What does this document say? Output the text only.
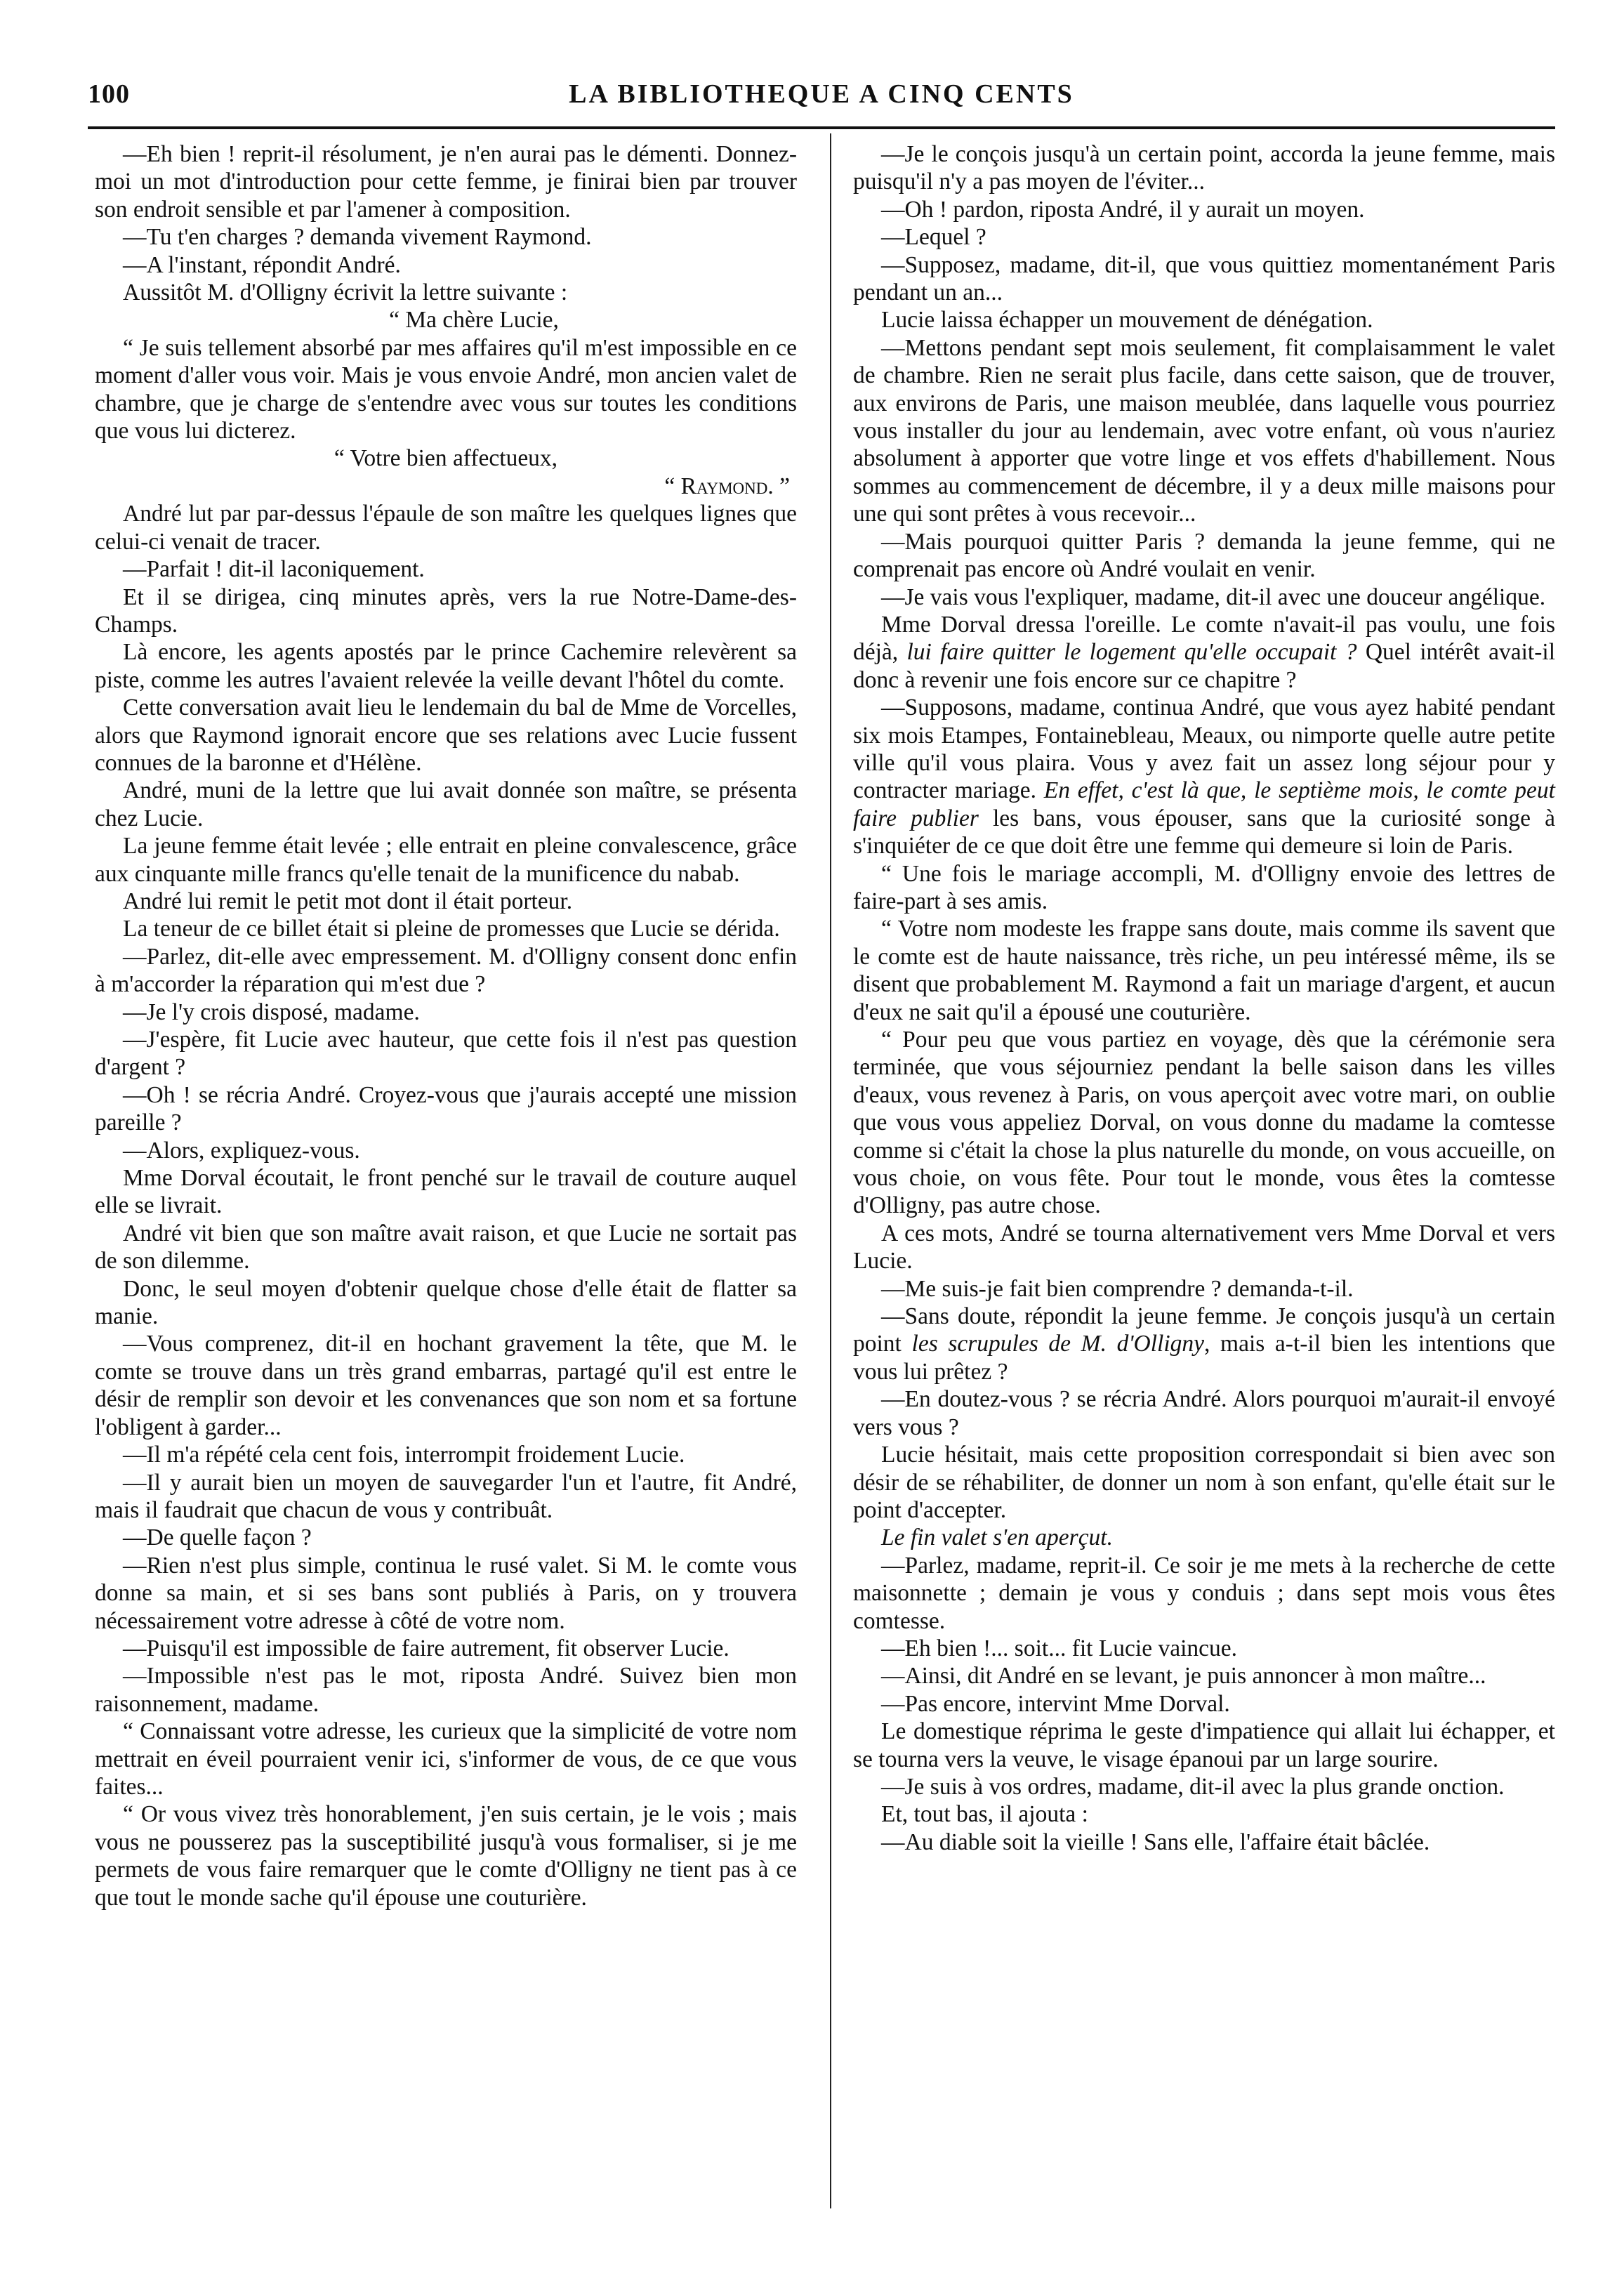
100	LA BIBLIOTHEQUE A CINQ CENTS

—Eh bien ! reprit-il résolument, je n'en aurai pas le démenti. Donnez-moi un mot d'introduction pour cette femme, je finirai bien par trouver son endroit sensible et par l'amener à composition.

—Tu t'en charges ? demanda vivement Raymond.

—A l'instant, répondit André.

Aussitôt M. d'Olligny écrivit la lettre suivante :

“ Ma chère Lucie,

“ Je suis tellement absorbé par mes affaires qu'il m'est impossible en ce moment d'aller vous voir. Mais je vous envoie André, mon ancien valet de chambre, que je charge de s'entendre avec vous sur toutes les conditions que vous lui dicterez.

“ Votre bien affectueux,

“ Raymond. ”

André lut par par-dessus l'épaule de son maître les quelques lignes que celui-ci venait de tracer.

—Parfait ! dit-il laconiquement.

Et il se dirigea, cinq minutes après, vers la rue Notre-Dame-des-Champs.

Là encore, les agents apostés par le prince Cachemire relevèrent sa piste, comme les autres l'avaient relevée la veille devant l'hôtel du comte.

Cette conversation avait lieu le lendemain du bal de Mme de Vorcelles, alors que Raymond ignorait encore que ses relations avec Lucie fussent connues de la baronne et d'Hélène.

André, muni de la lettre que lui avait donnée son maître, se présenta chez Lucie.

La jeune femme était levée ; elle entrait en pleine convalescence, grâce aux cinquante mille francs qu'elle tenait de la munificence du nabab.

André lui remit le petit mot dont il était porteur.

La teneur de ce billet était si pleine de promesses que Lucie se dérida.

—Parlez, dit-elle avec empressement. M. d'Olligny consent donc enfin à m'accorder la réparation qui m'est due ?

—Je l'y crois disposé, madame.

—J'espère, fit Lucie avec hauteur, que cette fois il n'est pas question d'argent ?

—Oh ! se récria André. Croyez-vous que j'aurais accepté une mission pareille ?

—Alors, expliquez-vous.

Mme Dorval écoutait, le front penché sur le travail de couture auquel elle se livrait.

André vit bien que son maître avait raison, et que Lucie ne sortait pas de son dilemme.

Donc, le seul moyen d'obtenir quelque chose d'elle était de flatter sa manie.

—Vous comprenez, dit-il en hochant gravement la tête, que M. le comte se trouve dans un très grand embarras, partagé qu'il est entre le désir de remplir son devoir et les convenances que son nom et sa fortune l'obligent à garder...

—Il m'a répété cela cent fois, interrompit froidement Lucie.

—Il y aurait bien un moyen de sauvegarder l'un et l'autre, fit André, mais il faudrait que chacun de vous y contribuât.

—De quelle façon ?

—Rien n'est plus simple, continua le rusé valet. Si M. le comte vous donne sa main, et si ses bans sont publiés à Paris, on y trouvera nécessairement votre adresse à côté de votre nom.

—Puisqu'il est impossible de faire autrement, fit observer Lucie.

—Impossible n'est pas le mot, riposta André. Suivez bien mon raisonnement, madame.

“ Connaissant votre adresse, les curieux que la simplicité de votre nom mettrait en éveil pourraient venir ici, s'informer de vous, de ce que vous faites...

“ Or vous vivez très honorablement, j'en suis certain, je le vois ; mais vous ne pousserez pas la susceptibilité jusqu'à vous formaliser, si je me permets de vous faire remarquer que le comte d'Olligny ne tient pas à ce que tout le monde sache qu'il épouse une couturière.

—Je le conçois jusqu'à un certain point, accorda la jeune femme, mais puisqu'il n'y a pas moyen de l'éviter...

—Oh ! pardon, riposta André, il y aurait un moyen.

—Lequel ?

—Supposez, madame, dit-il, que vous quittiez momentanément Paris pendant un an...

Lucie laissa échapper un mouvement de dénégation.

—Mettons pendant sept mois seulement, fit complaisamment le valet de chambre. Rien ne serait plus facile, dans cette saison, que de trouver, aux environs de Paris, une maison meublée, dans laquelle vous pourriez vous installer du jour au lendemain, avec votre enfant, où vous n'auriez absolument à apporter que votre linge et vos effets d'habillement. Nous sommes au commencement de décembre, il y a deux mille maisons pour une qui sont prêtes à vous recevoir...

—Mais pourquoi quitter Paris ? demanda la jeune femme, qui ne comprenait pas encore où André voulait en venir.

—Je vais vous l'expliquer, madame, dit-il avec une douceur angélique.

Mme Dorval dressa l'oreille. Le comte n'avait-il pas voulu, une fois déjà, lui faire quitter le logement qu'elle occupait ? Quel intérêt avait-il donc à revenir une fois encore sur ce chapitre ?

—Supposons, madame, continua André, que vous ayez habité pendant six mois Etampes, Fontainebleau, Meaux, ou nimporte quelle autre petite ville qu'il vous plaira. Vous y avez fait un assez long séjour pour y contracter mariage. En effet, c'est là que, le septième mois, le comte peut faire publier les bans, vous épouser, sans que la curiosité songe à s'inquiéter de ce que doit être une femme qui demeure si loin de Paris.

“ Une fois le mariage accompli, M. d'Olligny envoie des lettres de faire-part à ses amis.

“ Votre nom modeste les frappe sans doute, mais comme ils savent que le comte est de haute naissance, très riche, un peu intéressé même, ils se disent que probablement M. Raymond a fait un mariage d'argent, et aucun d'eux ne sait qu'il a épousé une couturière.

“ Pour peu que vous partiez en voyage, dès que la cérémonie sera terminée, que vous séjourniez pendant la belle saison dans les villes d'eaux, vous revenez à Paris, on vous aperçoit avec votre mari, on oublie que vous vous appeliez Dorval, on vous donne du madame la comtesse comme si c'était la chose la plus naturelle du monde, on vous accueille, on vous choie, on vous fête. Pour tout le monde, vous êtes la comtesse d'Olligny, pas autre chose.

A ces mots, André se tourna alternativement vers Mme Dorval et vers Lucie.

—Me suis-je fait bien comprendre ? demanda-t-il.

—Sans doute, répondit la jeune femme. Je conçois jusqu'à un certain point les scrupules de M. d'Olligny, mais a-t-il bien les intentions que vous lui prêtez ?

—En doutez-vous ? se récria André. Alors pourquoi m'aurait-il envoyé vers vous ?

Lucie hésitait, mais cette proposition correspondait si bien avec son désir de se réhabiliter, de donner un nom à son enfant, qu'elle était sur le point d'accepter.

Le fin valet s'en aperçut.

—Parlez, madame, reprit-il. Ce soir je me mets à la recherche de cette maisonnette ; demain je vous y conduis ; dans sept mois vous êtes comtesse.

—Eh bien !... soit... fit Lucie vaincue.

—Ainsi, dit André en se levant, je puis annoncer à mon maître...

—Pas encore, intervint Mme Dorval.

Le domestique réprima le geste d'impatience qui allait lui échapper, et se tourna vers la veuve, le visage épanoui par un large sourire.

—Je suis à vos ordres, madame, dit-il avec la plus grande onction.

Et, tout bas, il ajouta :

—Au diable soit la vieille ! Sans elle, l'affaire était bâclée.
